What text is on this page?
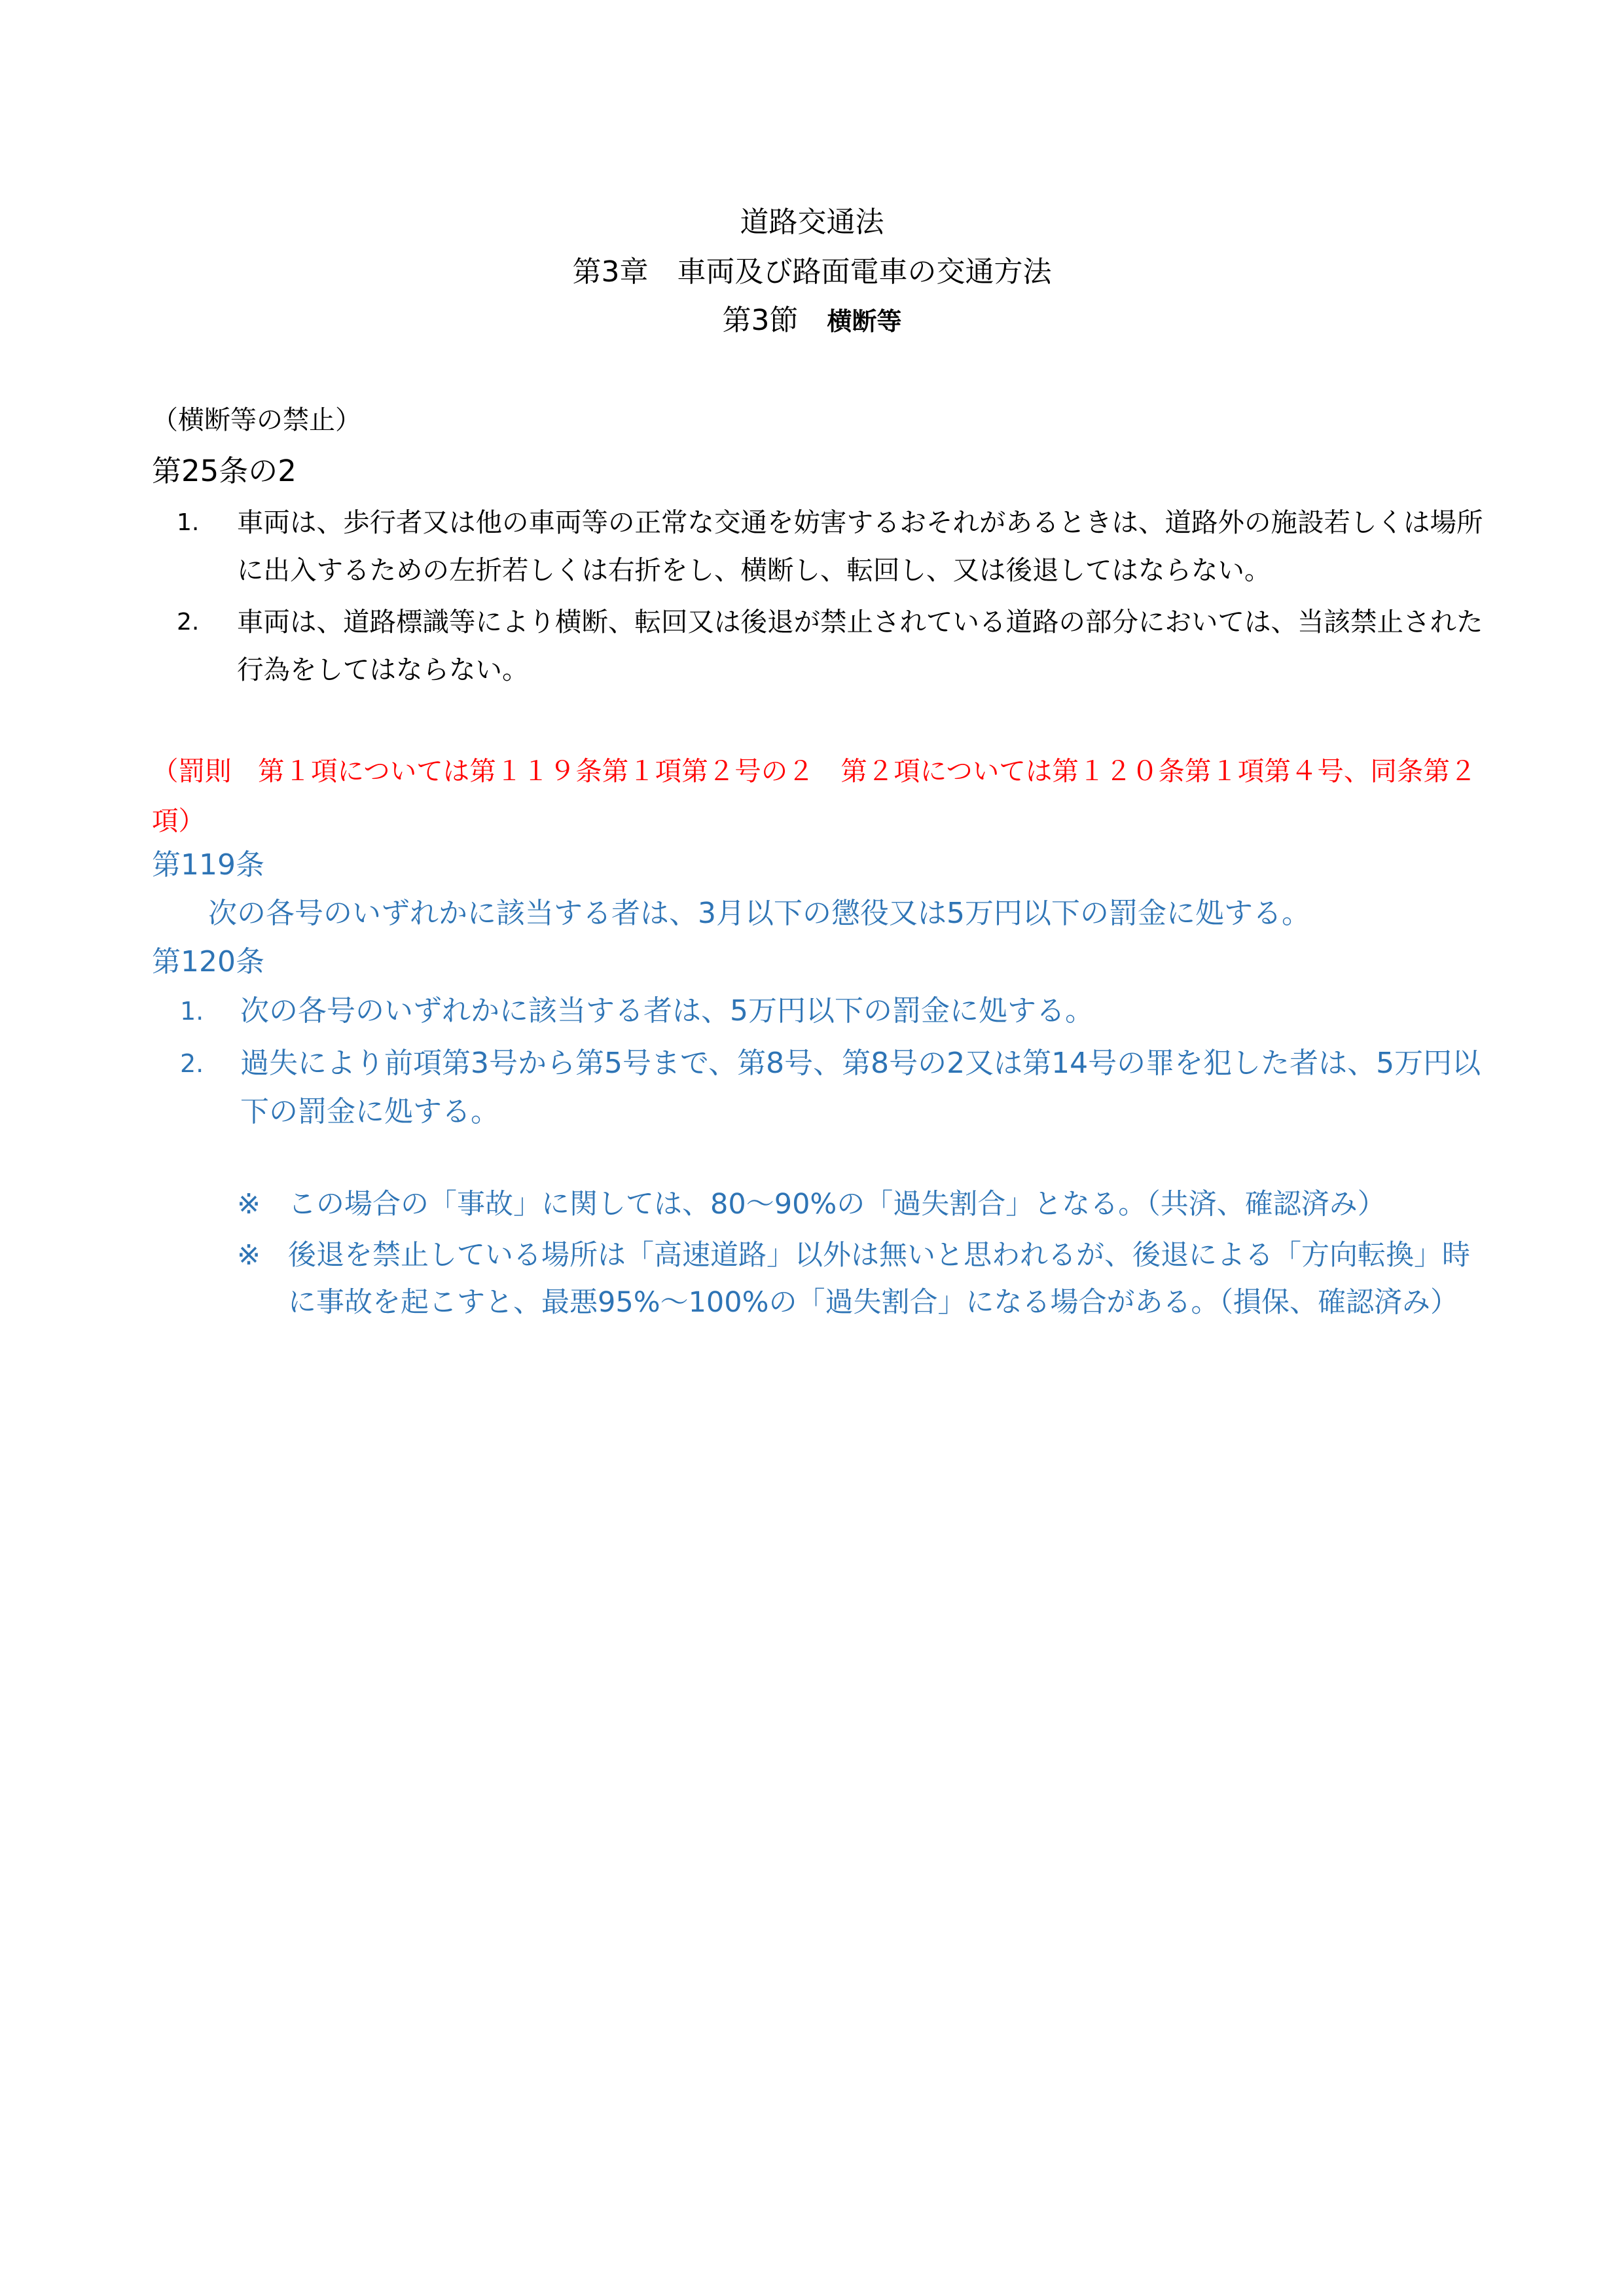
道路交通法
第3章　車両及び路面電車の交通方法
第3節　 横断等
（横断等の禁止）
第25条の2
1. 車両は、歩行者又は他の車両等の正常な交通を妨害するおそれがあるときは、道路外の施設若しくは場所に出入するための左折若しくは右折をし、横断し、転回し、又は後退してはならない。
2. 車両は、道路標識等により横断、転回又は後退が禁止されている道路の部分においては、当該禁止された行為をしてはならない。
（罰則　第１項については第１１９条第１項第２号の２　第２項については第１２０条第１項第４号、同条第２項）
第119条
次の各号のいずれかに該当する者は、3月以下の懲役又は5万円以下の罰金に処する。
第120条
1. 次の各号のいずれかに該当する者は、5万円以下の罰金に処する。
2. 過失により前項第3号から第5号まで、第8号、第8号の2又は第14号の罪を犯した者は、5万円以下の罰金に処する。
※ この場合の「事故」に関しては、80～90%の「過失割合」となる。（共済、確認済み）
※ 後退を禁止している場所は「高速道路」以外は無いと思われるが、後退による「方向転換」時に事故を起こすと、最悪95%～100%の「過失割合」になる場合がある。（損保、確認済み）
